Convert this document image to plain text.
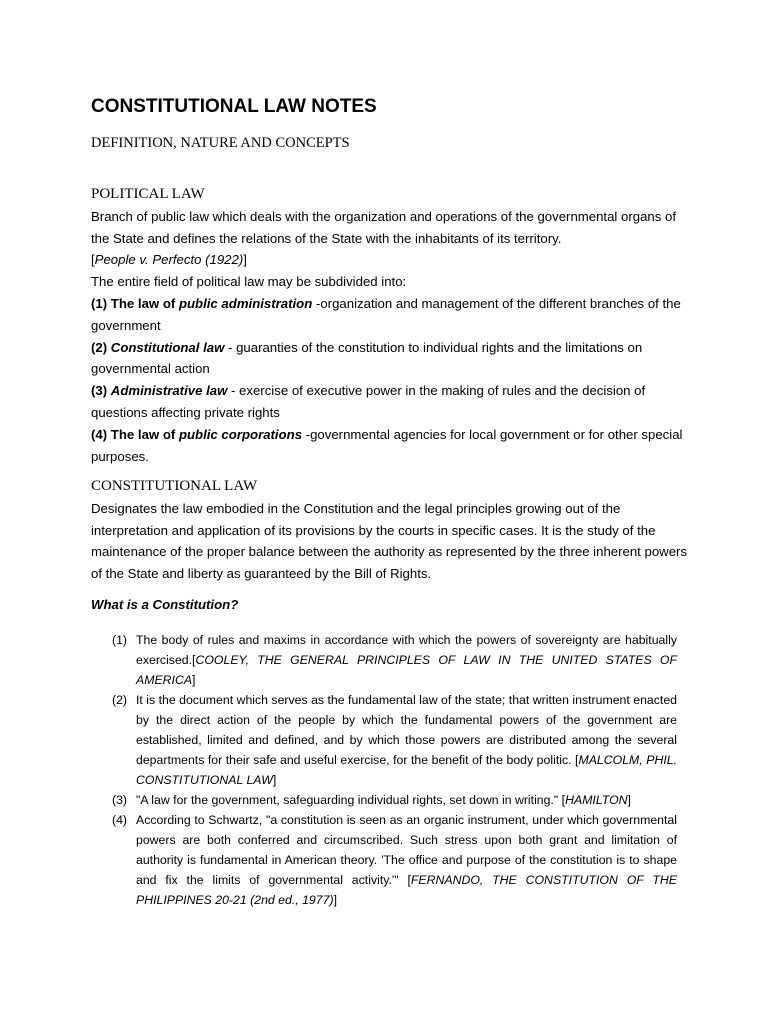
CONSTITUTIONAL LAW NOTES
DEFINITION, NATURE AND CONCEPTS
POLITICAL LAW

Branch of public law which deals with the organization and operations of the governmental organs of the State and defines the relations of the State with the inhabitants of its territory.
[People v. Perfecto (1922)]

The entire field of political law may be subdivided into:

(1) The law of public administration -organization and management of the different branches of the government

(2) Constitutional law - guaranties of the constitution to individual rights and the limitations on governmental action

(3) Administrative law - exercise of executive power in the making of rules and the decision of questions affecting private rights

(4) The law of public corporations -governmental agencies for local government or for other special purposes.

CONSTITUTIONAL LAW

Designates the law embodied in the Constitution and the legal principles growing out of the interpretation and application of its provisions by the courts in specific cases. It is the study of the maintenance of the proper balance between the authority as represented by the three inherent powers of the State and liberty as guaranteed by the Bill of Rights.

What is a Constitution?

(1) The body of rules and maxims in accordance with which the powers of sovereignty are habitually exercised.[COOLEY, THE GENERAL PRINCIPLES OF LAW IN THE UNITED STATES OF AMERICA]
(2) It is the document which serves as the fundamental law of the state; that written instrument enacted by the direct action of the people by which the fundamental powers of the government are established, limited and defined, and by which those powers are distributed among the several departments for their safe and useful exercise, for the benefit of the body politic. [MALCOLM, PHIL. CONSTITUTIONAL LAW]
(3) "A law for the government, safeguarding individual rights, set down in writing." [HAMILTON]
(4) According to Schwartz, "a constitution is seen as an organic instrument, under which governmental powers are both conferred and circumscribed. Such stress upon both grant and limitation of authority is fundamental in American theory. 'The office and purpose of the constitution is to shape and fix the limits of governmental activity.'" [FERNANDO, THE CONSTITUTION OF THE PHILIPPINES 20-21 (2nd ed., 1977)]
